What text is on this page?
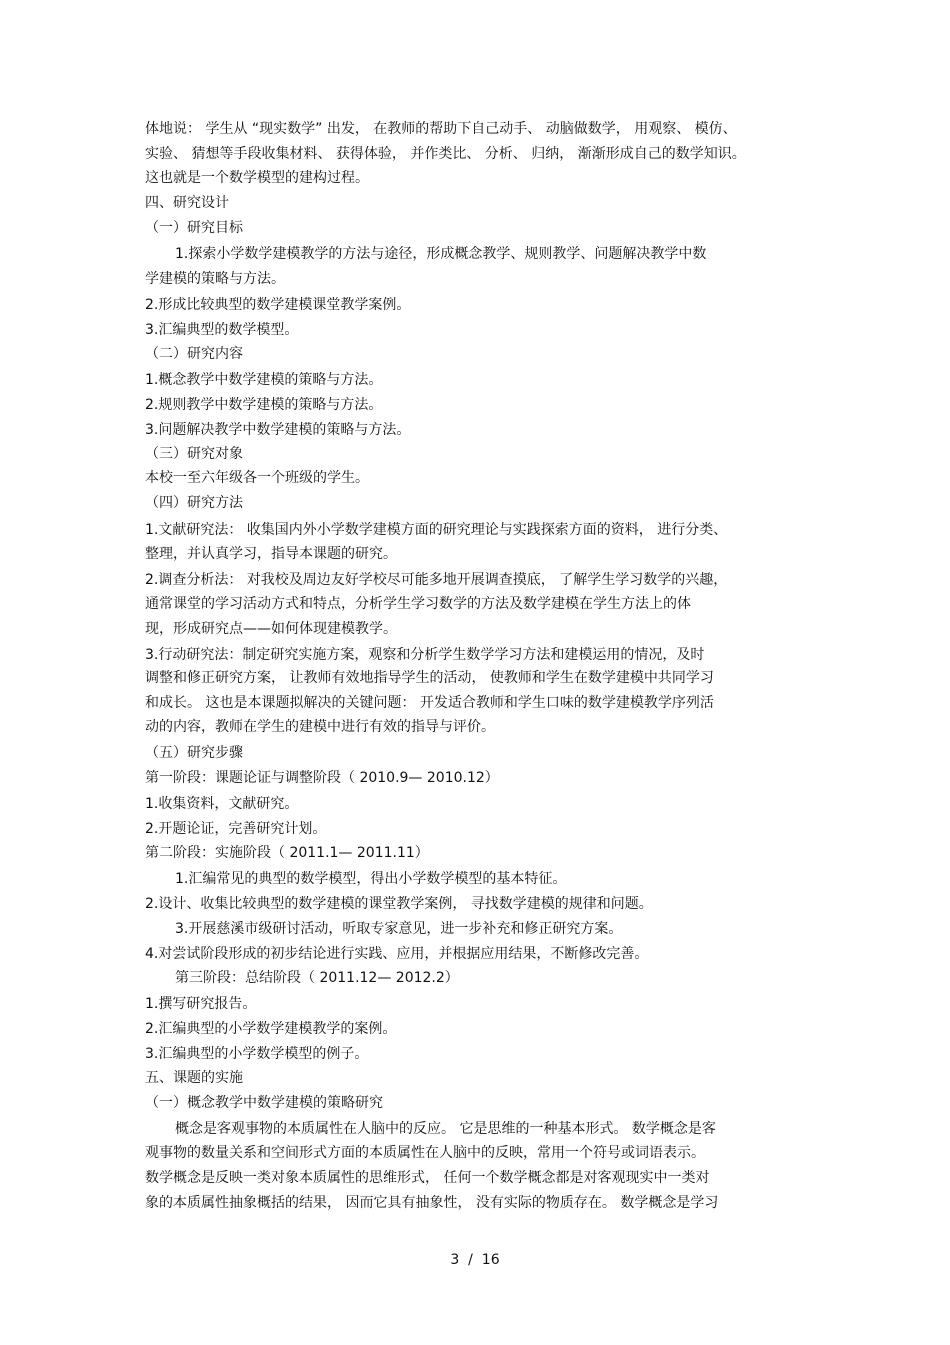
体地说： 学生从 “现实数学” 出发， 在教师的帮助下自己动手、 动脑做数学， 用观察、 模仿、

实验、 猜想等手段收集材料、 获得体验， 并作类比、 分析、 归纳， 渐渐形成自己的数学知识。

这也就是一个数学模型的建构过程。

四、研究设计

（一）研究目标

1.探索小学数学建模教学的方法与途径，形成概念教学、规则教学、问题解决教学中数

学建模的策略与方法。

2.形成比较典型的数学建模课堂教学案例。

3.汇编典型的数学模型。

（二）研究内容

1.概念教学中数学建模的策略与方法。

2.规则教学中数学建模的策略与方法。

3.问题解决教学中数学建模的策略与方法。

（三）研究对象

本校一至六年级各一个班级的学生。

（四）研究方法

1.文献研究法： 收集国内外小学数学建模方面的研究理论与实践探索方面的资料， 进行分类、

整理，并认真学习，指导本课题的研究。

2.调查分析法： 对我校及周边友好学校尽可能多地开展调查摸底， 了解学生学习数学的兴趣，

通常课堂的学习活动方式和特点，分析学生学习数学的方法及数学建模在学生方法上的体

现，形成研究点——如何体现建模教学。

3.行动研究法：制定研究实施方案，观察和分析学生数学学习方法和建模运用的情况，及时

调整和修正研究方案， 让教师有效地指导学生的活动， 使教师和学生在数学建模中共同学习

和成长。 这也是本课题拟解决的关键问题： 开发适合教师和学生口味的数学建模教学序列活

动的内容，教师在学生的建模中进行有效的指导与评价。

（五）研究步骤

第一阶段：课题论证与调整阶段（ 2010.9— 2010.12）

1.收集资料，文献研究。

2.开题论证，完善研究计划。

第二阶段：实施阶段（ 2011.1— 2011.11）

1.汇编常见的典型的数学模型，得出小学数学模型的基本特征。

2.设计、收集比较典型的数学建模的课堂教学案例， 寻找数学建模的规律和问题。

3.开展慈溪市级研讨活动，听取专家意见，进一步补充和修正研究方案。

4.对尝试阶段形成的初步结论进行实践、应用，并根据应用结果，不断修改完善。

第三阶段：总结阶段（ 2011.12— 2012.2）

1.撰写研究报告。

2.汇编典型的小学数学建模教学的案例。

3.汇编典型的小学数学模型的例子。

五、课题的实施

（一）概念教学中数学建模的策略研究

概念是客观事物的本质属性在人脑中的反应。 它是思维的一种基本形式。 数学概念是客

观事物的数量关系和空间形式方面的本质属性在人脑中的反映，常用一个符号或词语表示。

数学概念是反映一类对象本质属性的思维形式， 任何一个数学概念都是对客观现实中一类对

象的本质属性抽象概括的结果， 因而它具有抽象性， 没有实际的物质存在。 数学概念是学习

3  /  16
